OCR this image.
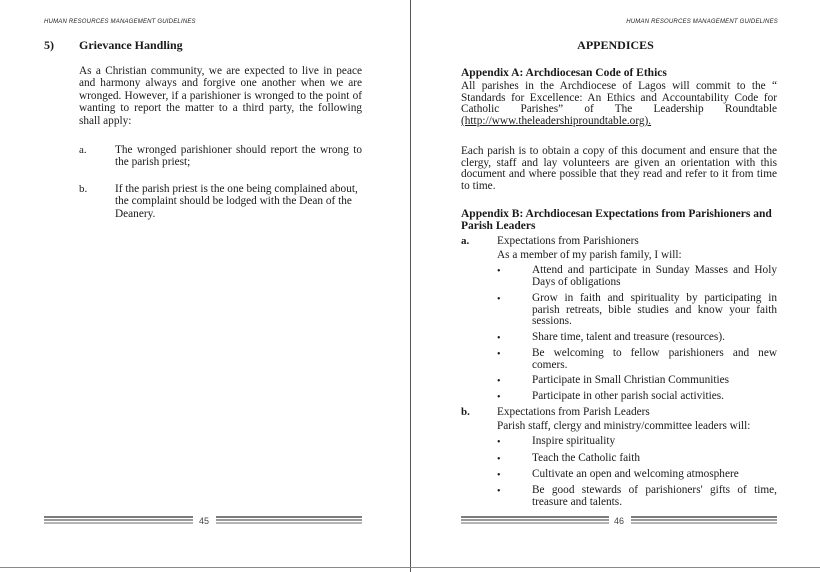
HUMAN RESOURCES MANAGEMENT GUIDELINES
5) Grievance Handling

As a Christian community, we are expected to live in peace and harmony always and forgive one another when we are wronged. However, if a parishioner is wronged to the point of wanting to report the matter to a third party, the following shall apply:

a.	The wronged parishioner should report the wrong to the parish priest;

b. If the parish priest is the one being complained about, the complaint should be lodged with the Dean of the Deanery.

45
HUMAN RESOURCES MANAGEMENT GUIDELINES
APPENDICES
Appendix A: Archdiocesan Code of Ethics

All parishes in the Archdiocese of Lagos will commit to the “ Standards for Excellence: An Ethics and Accountability Code for Catholic Parishes” of The Leadership Roundtable (http://www.theleadershiproundtable.org).

Each parish is to obtain a copy of this document and ensure that the clergy, staff and lay volunteers are given an orientation with this document and where possible that they read and refer to it from time to time.

Appendix B: Archdiocesan Expectations from Parishioners and Parish Leaders

a. Expectations from Parishioners
As a member of my parish family, I will:
•	Attend and participate in Sunday Masses and Holy Days of obligations

•	Grow in faith and spirituality by participating in parish retreats, bible studies and know your faith sessions.

•	Share time, talent and treasure (resources).

•	Be welcoming to fellow parishioners and new comers.

•	Participate in Small Christian Communities

•	Participate in other parish social activities.

b. Expectations from Parish Leaders
Parish staff, clergy and ministry/committee leaders will:
•	Inspire spirituality

•	Teach the Catholic faith

•	Cultivate an open and welcoming atmosphere

•	Be good stewards of parishioners' gifts of time, treasure and talents.

46
